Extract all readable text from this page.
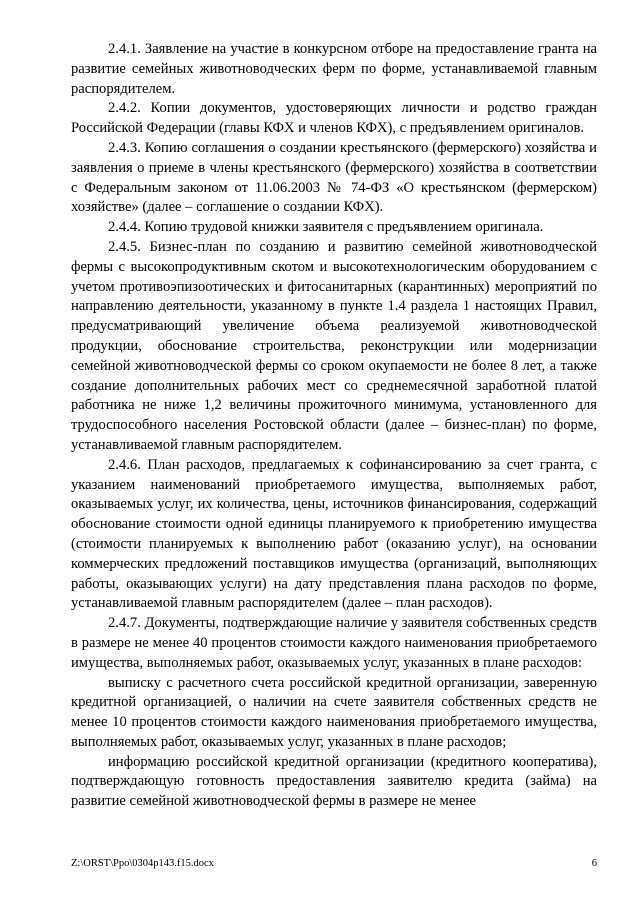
2.4.1. Заявление на участие в конкурсном отборе на предоставление гранта на развитие семейных животноводческих ферм по форме, устанавливаемой главным распорядителем.

2.4.2. Копии документов, удостоверяющих личности и родство граждан Российской Федерации (главы КФХ и членов КФХ), с предъявлением оригиналов.

2.4.3. Копию соглашения о создании крестьянского (фермерского) хозяйства и заявления о приеме в члены крестьянского (фермерского) хозяйства в соответствии с Федеральным законом от 11.06.2003 № 74-ФЗ «О крестьянском (фермерском) хозяйстве» (далее – соглашение о создании КФХ).

2.4.4. Копию трудовой книжки заявителя с предъявлением оригинала.

2.4.5. Бизнес-план по созданию и развитию семейной животноводческой фермы с высокопродуктивным скотом и высокотехнологическим оборудованием с учетом противоэпизоотических и фитосанитарных (карантинных) мероприятий по направлению деятельности, указанному в пункте 1.4 раздела 1 настоящих Правил, предусматривающий увеличение объема реализуемой животноводческой продукции, обоснование строительства, реконструкции или модернизации семейной животноводческой фермы со сроком окупаемости не более 8 лет, а также создание дополнительных рабочих мест со среднемесячной заработной платой работника не ниже 1,2 величины прожиточного минимума, установленного для трудоспособного населения Ростовской области (далее – бизнес-план) по форме, устанавливаемой главным распорядителем.

2.4.6. План расходов, предлагаемых к софинансированию за счет гранта, с указанием наименований приобретаемого имущества, выполняемых работ, оказываемых услуг, их количества, цены, источников финансирования, содержащий обоснование стоимости одной единицы планируемого к приобретению имущества (стоимости планируемых к выполнению работ (оказанию услуг), на основании коммерческих предложений поставщиков имущества (организаций, выполняющих работы, оказывающих услуги) на дату представления плана расходов по форме, устанавливаемой главным распорядителем (далее – план расходов).

2.4.7. Документы, подтверждающие наличие у заявителя собственных средств в размере не менее 40 процентов стоимости каждого наименования приобретаемого имущества, выполняемых работ, оказываемых услуг, указанных в плане расходов:

выписку с расчетного счета российской кредитной организации, заверенную кредитной организацией, о наличии на счете заявителя собственных средств не менее 10 процентов стоимости каждого наименования приобретаемого имущества, выполняемых работ, оказываемых услуг, указанных в плане расходов;

информацию российской кредитной организации (кредитного кооператива), подтверждающую готовность предоставления заявителю кредита (займа) на развитие семейной животноводческой фермы в размере не менее

Z:\ORST\Ppo\0304p143.f15.docx	6
